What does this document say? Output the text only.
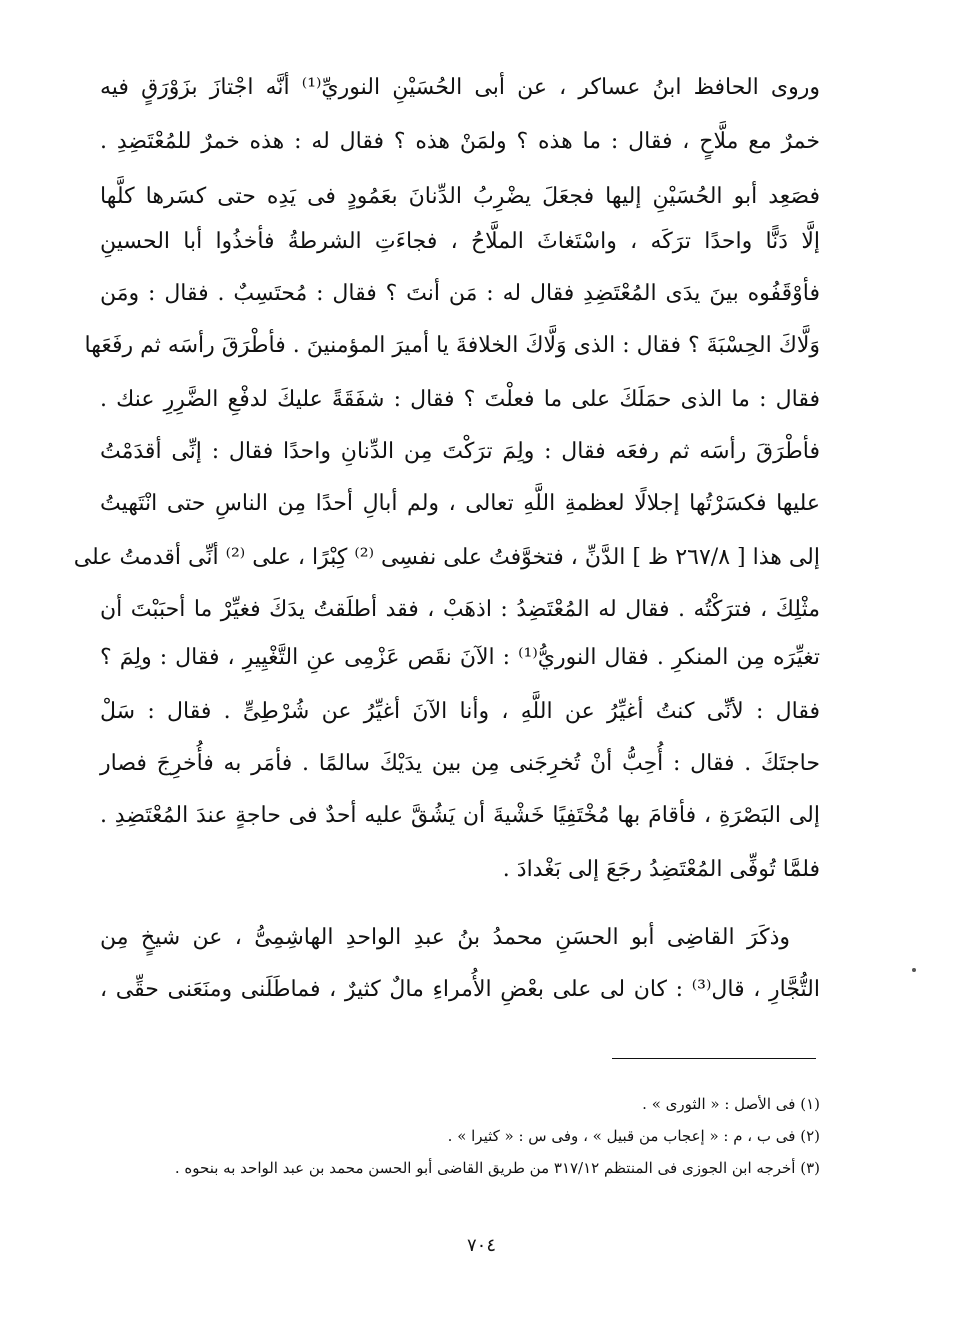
وروى الحافظ ابنُ عساكر ، عن أبى الحُسَيْنِ النوريِّ⁽¹⁾ أنَّه اجْتازَ بزَوْرَقٍ فيه
خمرٌ مع ملَّاحٍ ، فقال : ما هذه ؟ ولمَنْ هذه ؟ فقال له : هذه خمرٌ للمُعْتَضِدِ .
فصَعِد أبو الحُسَيْنِ إليها فجعَلَ يضْرِبُ الدِّنانَ بعَمُودٍ فى يَدِه حتى كسَرها كلَّها
إلَّا دَنًّا واحدًا ترَكَه ، واسْتَغاثَ الملَّاحُ ، فجاءَتِ الشرطةُ فأخذُوا أبا الحسينِ
فأوْقَفُوه بينَ يدَى المُعْتَضِدِ فقال له : مَن أنتَ ؟ فقال : مُحتَسِبٌ . فقال : ومَن
وَلَّاكَ الحِسْبَةَ ؟ فقال : الذى وَلَّاكَ الخلافةَ يا أميرَ المؤمنينَ . فأطْرَقَ رأسَه ثم رفَعَها
فقال : ما الذى حمَلَكَ على ما فعلْتَ ؟ فقال : شفَقَةً عليكَ لدفْعِ الضَّرِرِ عنك .
فأطْرَقَ رأسَه ثم رفعَه فقال : ولِمَ ترَكْتَ مِن الدِّنانِ واحدًا فقال : إنِّى أقدَمْتُ
عليها فكسَرْتُها إجلالًا لعظمةِ اللَّهِ تعالى ، ولم أبالِ أحدًا مِن الناسِ حتى انْتَهيتُ
إلى هذا [ ٢٦٧/٨ ظ ] الدَّنِّ ، فتخوَّفتُ على نفسِى ⁽²⁾ كِبْرًا ، على ⁽²⁾ أنِّى أقدمتُ على
مثْلِكَ ، فترَكْتُه . فقال له المُعْتَضِدُ : اذهَبْ ، فقد أطلَقتُ يدَكَ فغيِّرْ ما أحبَبْتَ أن
تغيِّرَه مِن المنكرِ . فقال النوريُّ⁽¹⁾ : الآنَ نقَص عَزْمِى عنِ التَّغْيِيرِ ، فقال : ولِمَ ؟
فقال : لأنِّى كنتُ أغيِّرُ عن اللَّهِ ، وأنا الآنَ أغيِّرُ عن شُرْطِىٍّ . فقال : سَلْ
حاجتَكَ . فقال : أُحِبُّ أنْ تُخرِجَنى مِن بين يدَيْكَ سالمًا . فأمَر به فأُخرِجَ فصار
إلى البَصْرَةِ ، فأقامَ بها مُخْتَفِيًا خَشْيةَ أن يَشُقَّ عليه أحدٌ فى حاجةٍ عندَ المُعْتَضِدِ .
فلمَّا تُوفِّى المُعْتَضِدُ رجَعَ إلى بَغْدادَ .
وذكَرَ القاضِى أبو الحسَنِ محمدُ بنُ عبدِ الواحدِ الهاشِمِىُّ ، عن شيخٍ مِن
التُّجَّارِ ، قال⁽³⁾ : كان لى على بعْضِ الأُمراءِ مالٌ كثيرٌ ، فماطَلَنى ومنَعَنى حقِّى ،
(١) فى الأصل : « الثورى » .
(٢) فى ب ، م : « إعجاب من قبيل » ، وفى س : « كثيرا » .
(٣) أخرجه ابن الجوزى فى المنتظم ٣١٧/١٢ من طريق القاضى أبو الحسن محمد بن عبد الواحد به بنحوه .
٧٠٤
